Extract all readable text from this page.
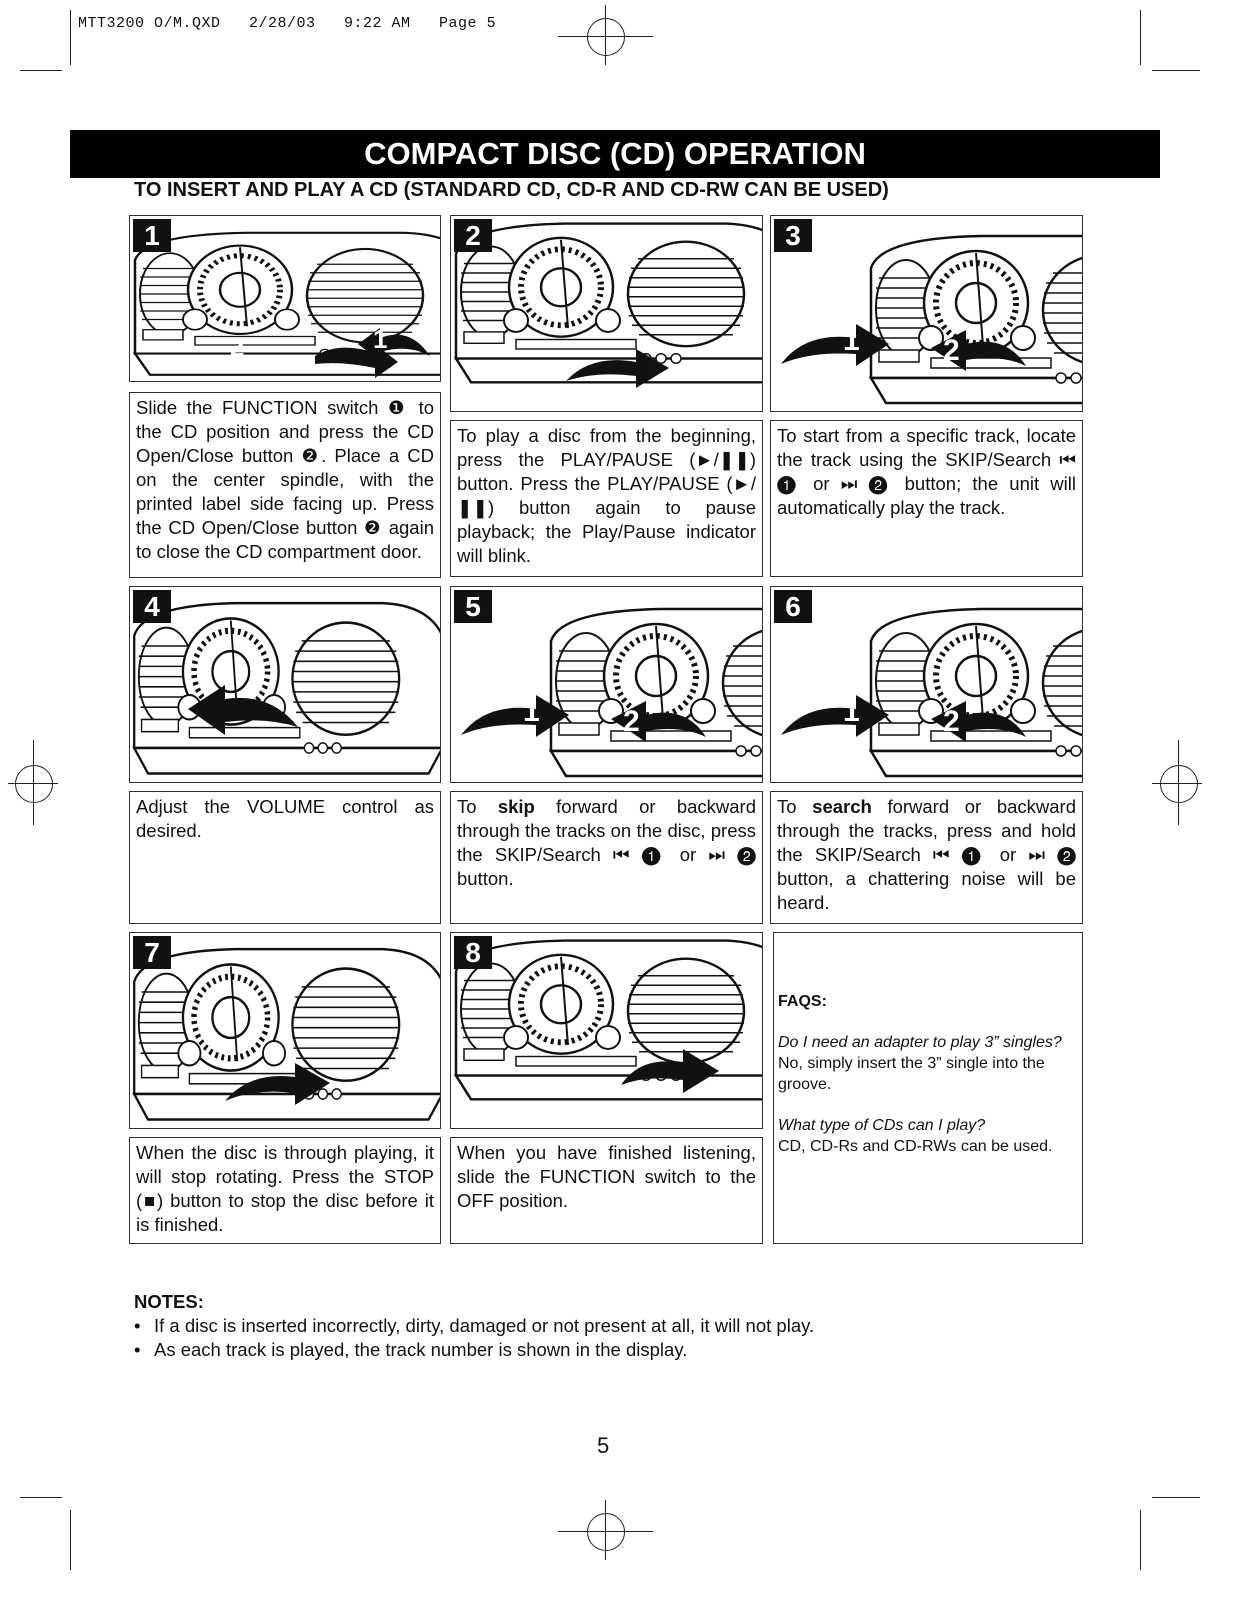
MTT3200 O/M.QXD   2/28/03   9:22 AM   Page 5
COMPACT DISC (CD) OPERATION
TO INSERT AND PLAY A CD (STANDARD CD, CD-R AND CD-RW CAN BE USED)
1
2	1
Slide the FUNCTION switch ❶ to the CD position and press the CD Open/Close button ❷. Place a CD on the center spindle, with the printed label side facing up. Press the CD Open/Close button ❷ again to close the CD compartment door.
2
To play a disc from the beginning, press the PLAY/PAUSE (►/❚❚) button. Press the PLAY/PAUSE (►/❚❚) button again to pause playback; the Play/Pause indicator will blink.
3
1	2
To start from a specific track, locate the track using the SKIP/Search ⏮ ❶ or ⏭ ❷ button; the unit will automatically play the track.
4
Adjust the VOLUME control as desired.
5
1	2
To skip forward or backward through the tracks on the disc, press the SKIP/Search ⏮ ❶ or ⏭ ❷ button.
6
1	2
To search forward or backward through the tracks, press and hold the SKIP/Search ⏮ ❶ or ⏭ ❷ button, a chattering noise will be heard.
7
When the disc is through playing, it will stop rotating. Press the STOP (■) button to stop the disc before it is finished.
8
When you have finished listening, slide the FUNCTION switch to the OFF position.
FAQS:
Do I need an adapter to play 3” singles?
No, simply insert the 3” single into the groove.
What type of CDs can I play?
CD, CD-Rs and CD-RWs can be used.
NOTES:
• If a disc is inserted incorrectly, dirty, damaged or not present at all, it will not play.
• As each track is played, the track number is shown in the display.
5
